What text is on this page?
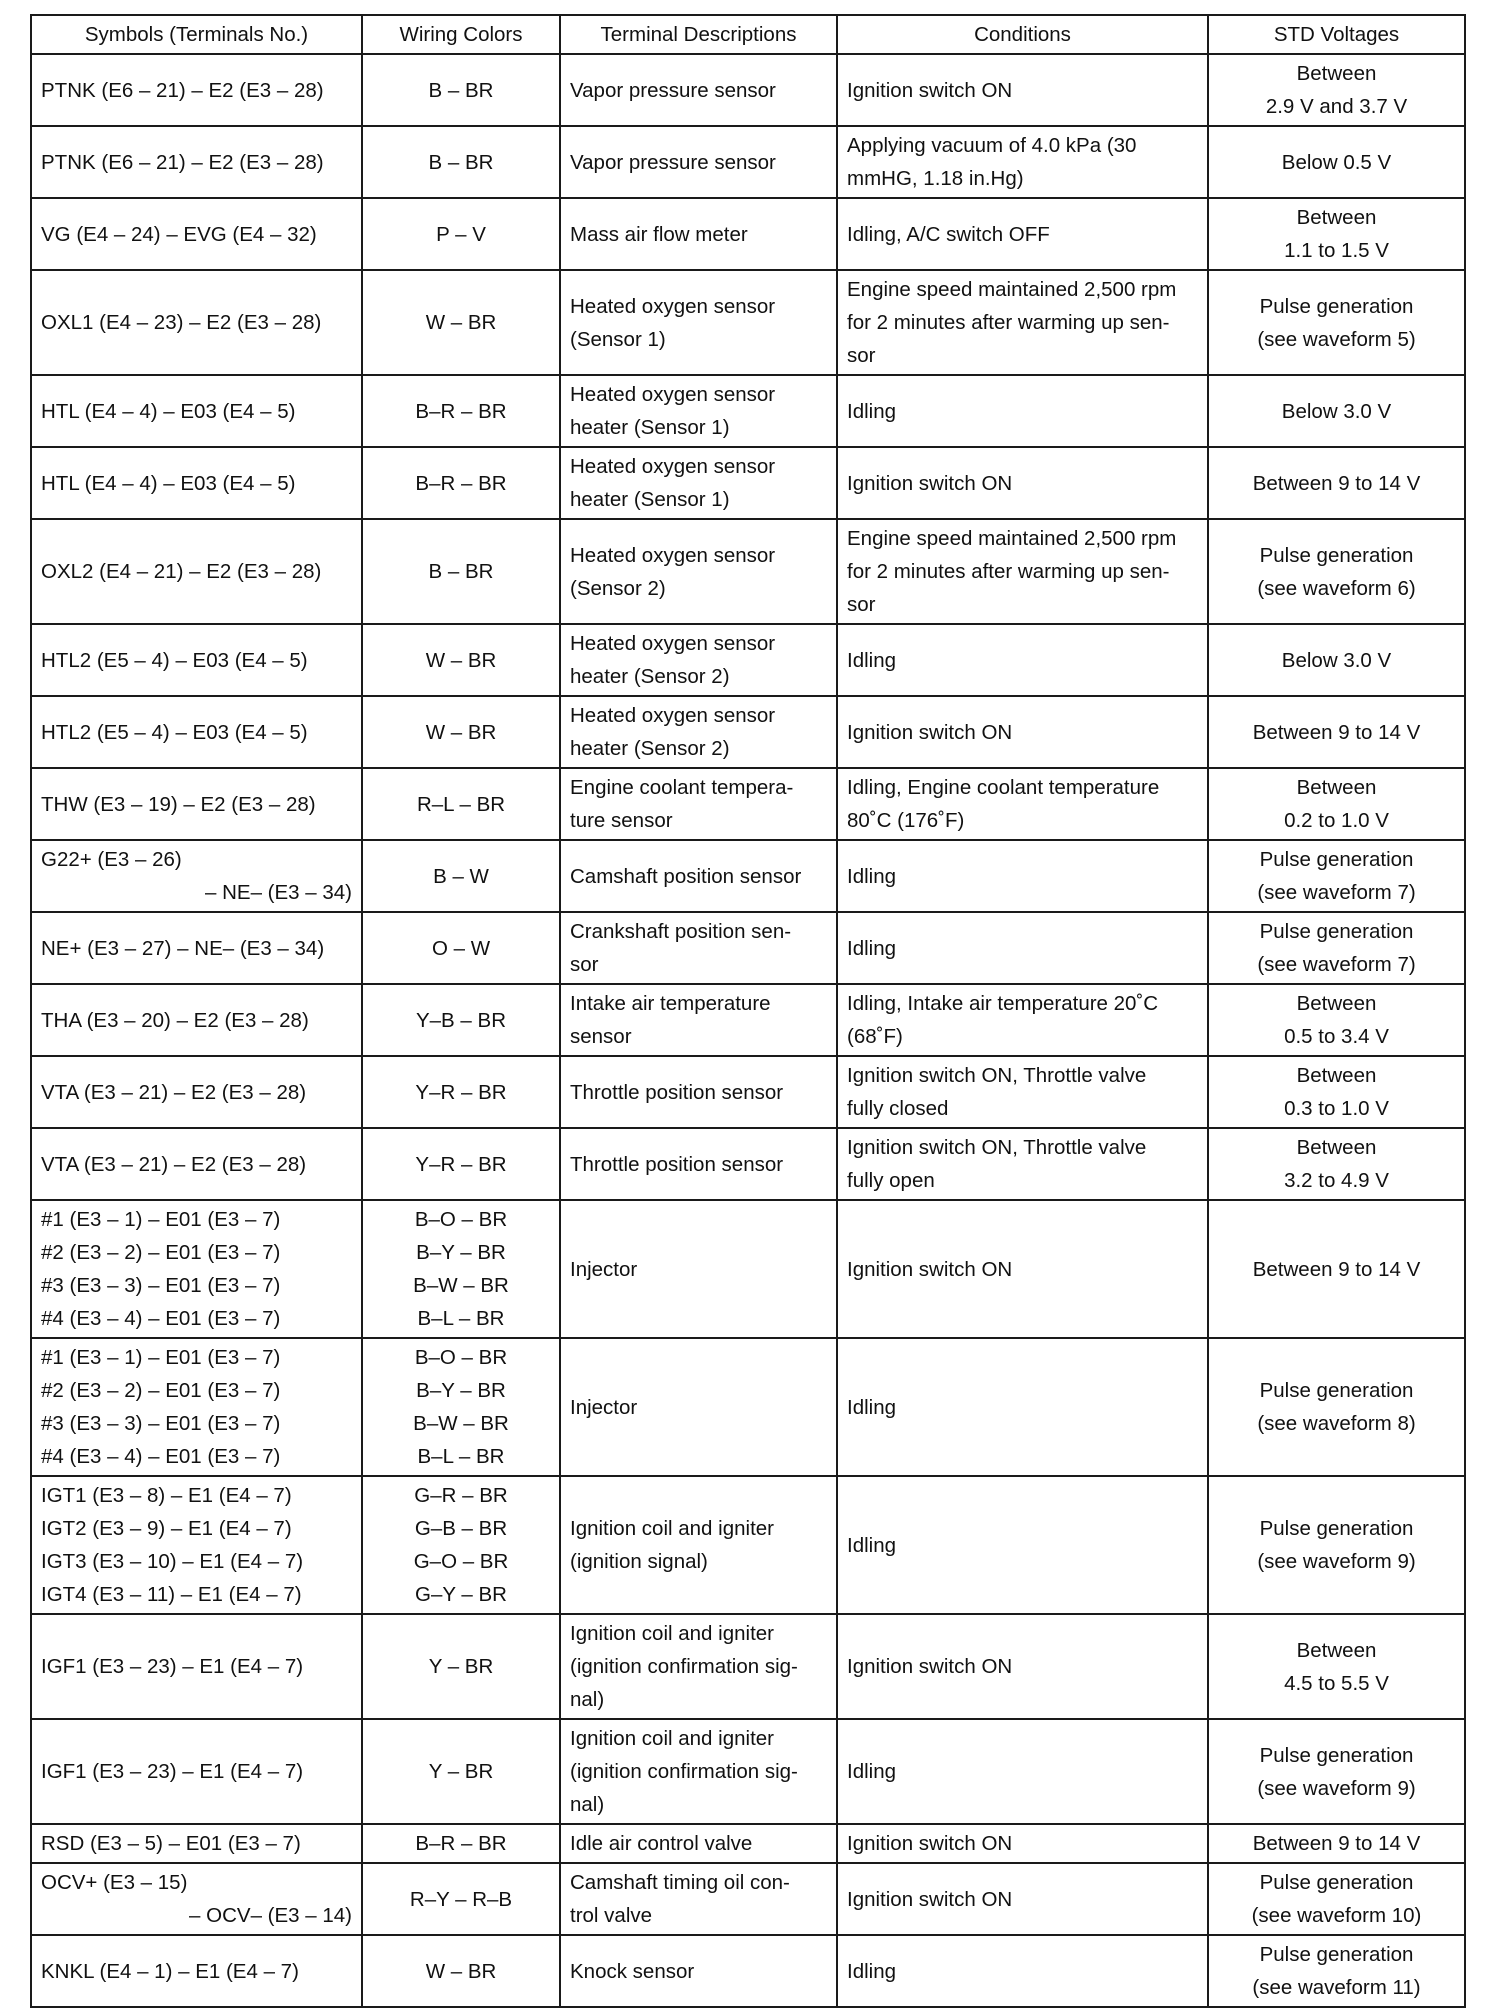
Symbols (Terminals No.)	Wiring Colors	Terminal Descriptions	Conditions	STD Voltages

PTNK (E6 – 21) – E2 (E3 – 28)	B – BR	Vapor pressure sensor	Ignition switch ON	Between
2.9 V and 3.7 V

PTNK (E6 – 21) – E2 (E3 – 28)	B – BR	Vapor pressure sensor	Applying vacuum of 4.0 kPa (30
mmHG, 1.18 in.Hg)	Below 0.5 V

VG (E4 – 24) – EVG (E4 – 32)	P – V	Mass air flow meter	Idling, A/C switch OFF	Between
1.1 to 1.5 V

OXL1 (E4 – 23) – E2 (E3 – 28)	W – BR	Heated oxygen sensor
(Sensor 1)	Engine speed maintained 2,500 rpm
for 2 minutes after warming up sen-
sor	Pulse generation
(see waveform 5)

HTL (E4 – 4) – E03 (E4 – 5)	B–R – BR	Heated oxygen sensor
heater (Sensor 1)	Idling	Below 3.0 V

HTL (E4 – 4) – E03 (E4 – 5)	B–R – BR	Heated oxygen sensor
heater (Sensor 1)	Ignition switch ON	Between 9 to 14 V

OXL2 (E4 – 21) – E2 (E3 – 28)	B – BR	Heated oxygen sensor
(Sensor 2)	Engine speed maintained 2,500 rpm
for 2 minutes after warming up sen-
sor	Pulse generation
(see waveform 6)

HTL2 (E5 – 4) – E03 (E4 – 5)	W – BR	Heated oxygen sensor
heater (Sensor 2)	Idling	Below 3.0 V

HTL2 (E5 – 4) – E03 (E4 – 5)	W – BR	Heated oxygen sensor
heater (Sensor 2)	Ignition switch ON	Between 9 to 14 V

THW (E3 – 19) – E2 (E3 – 28)	R–L – BR	Engine coolant tempera-
ture sensor	Idling, Engine coolant temperature
80˚C (176˚F)	Between
0.2 to 1.0 V

G22+ (E3 – 26)
– NE– (E3 – 34)	B – W	Camshaft position sensor	Idling	Pulse generation
(see waveform 7)

NE+ (E3 – 27) – NE– (E3 – 34)	O – W	Crankshaft position sen-
sor	Idling	Pulse generation
(see waveform 7)

THA (E3 – 20) – E2 (E3 – 28)	Y–B – BR	Intake air temperature
sensor	Idling, Intake air temperature 20˚C
(68˚F)	Between
0.5 to 3.4 V

VTA (E3 – 21) – E2 (E3 – 28)	Y–R – BR	Throttle position sensor	Ignition switch ON, Throttle valve
fully closed	Between
0.3 to 1.0 V

VTA (E3 – 21) – E2 (E3 – 28)	Y–R – BR	Throttle position sensor	Ignition switch ON, Throttle valve
fully open	Between
3.2 to 4.9 V

#1 (E3 – 1) – E01 (E3 – 7)
#2 (E3 – 2) – E01 (E3 – 7)
#3 (E3 – 3) – E01 (E3 – 7)
#4 (E3 – 4) – E01 (E3 – 7)	B–O – BR
B–Y – BR
B–W – BR
B–L – BR	Injector	Ignition switch ON	Between 9 to 14 V

#1 (E3 – 1) – E01 (E3 – 7)
#2 (E3 – 2) – E01 (E3 – 7)
#3 (E3 – 3) – E01 (E3 – 7)
#4 (E3 – 4) – E01 (E3 – 7)	B–O – BR
B–Y – BR
B–W – BR
B–L – BR	Injector	Idling	Pulse generation
(see waveform 8)

IGT1 (E3 – 8) – E1 (E4 – 7)
IGT2 (E3 – 9) – E1 (E4 – 7)
IGT3 (E3 – 10) – E1 (E4 – 7)
IGT4 (E3 – 11) – E1 (E4 – 7)	G–R – BR
G–B – BR
G–O – BR
G–Y – BR	Ignition coil and igniter
(ignition signal)	Idling	Pulse generation
(see waveform 9)

IGF1 (E3 – 23) – E1 (E4 – 7)	Y – BR	Ignition coil and igniter
(ignition confirmation sig-
nal)	Ignition switch ON	Between
4.5 to 5.5 V

IGF1 (E3 – 23) – E1 (E4 – 7)	Y – BR	Ignition coil and igniter
(ignition confirmation sig-
nal)	Idling	Pulse generation
(see waveform 9)

RSD (E3 – 5) – E01 (E3 – 7)	B–R – BR	Idle air control valve	Ignition switch ON	Between 9 to 14 V

OCV+ (E3 – 15)
– OCV– (E3 – 14)	R–Y – R–B	Camshaft timing oil con-
trol valve	Ignition switch ON	Pulse generation
(see waveform 10)

KNKL (E4 – 1) – E1 (E4 – 7)	W – BR	Knock sensor	Idling	Pulse generation
(see waveform 11)
